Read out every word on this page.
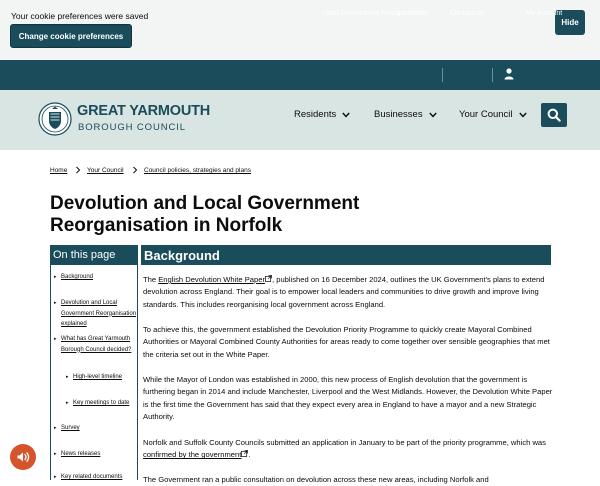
Your cookie preferences were saved
Change cookie preferences
Hide
Local Government Reorganisation	Contact us	My Account
GREAT YARMOUTH
BOROUGH COUNCIL
Residents	Businesses	Your Council
Home	Your Council	Council policies, strategies and plans
Devolution and Local Government Reorganisation in Norfolk
On this page
▸ Background
▸ Devolution and Local Government Reorganisation explained
▸ What has Great Yarmouth Borough Council decided?
▸ High-level timeline
▸ Key meetings to date
▸ Survey
▸ News releases
▸ Key related documents
Background

The English Devolution White Paper , published on 16 December 2024, outlines the UK Government's plans to extend devolution across England. Their goal is to empower local leaders and communities to drive growth and improve living standards. This includes reorganising local government across England.

To achieve this, the government established the Devolution Priority Programme to quickly create Mayoral Combined Authorities or Mayoral Combined County Authorities for areas ready to come together over sensible geographies that met the criteria set out in the White Paper.

While the Mayor of London was established in 2000, this new process of English devolution that the government is furthering began in 2014 and include Manchester, Liverpool and the West Midlands. However, the Devolution White Paper is the first time the Government has said that they expect every area in England to have a mayor and a new Strategic Authority.

Norfolk and Suffolk County Councils submitted an application in January to be part of the priority programme, which was confirmed by the government .

The Government ran a public consultation on devolution across these new areas, including Norfolk and
